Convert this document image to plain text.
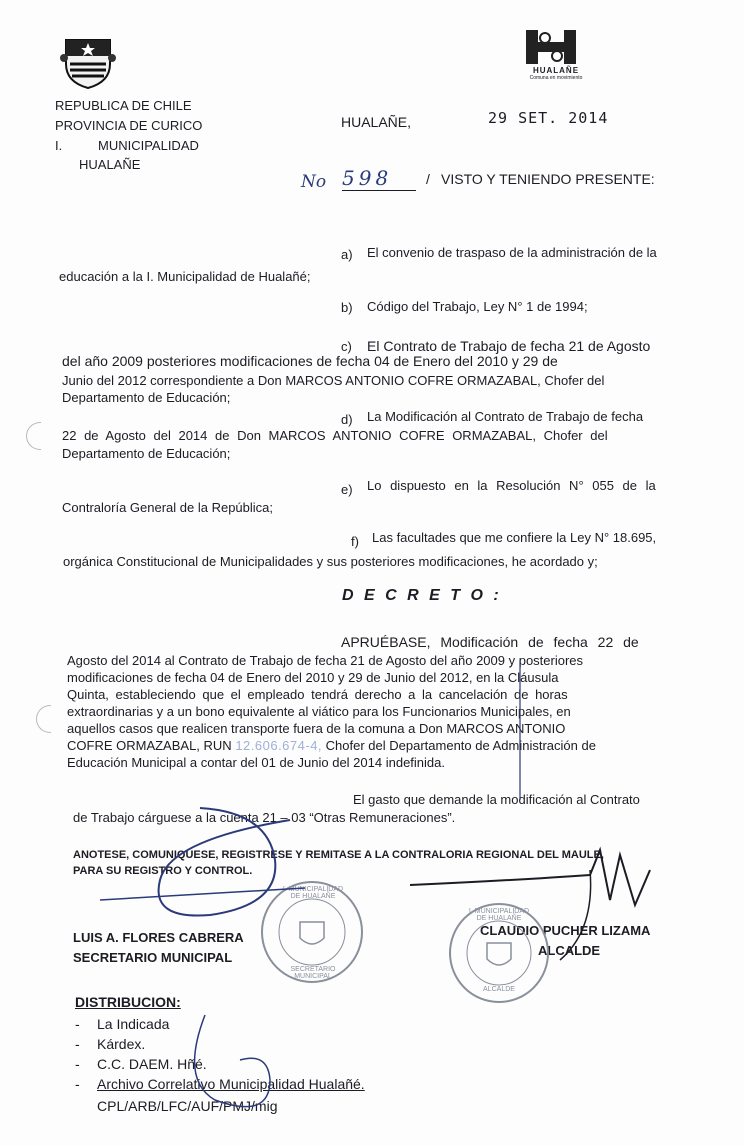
HUALAÑE
Comuna en movimiento
REPUBLICA DE CHILE
PROVINCIA DE CURICO
I.	MUNICIPALIDAD
HUALAÑE
HUALAÑE,	29 SET. 2014
No 598	/ VISTO Y TENIENDO PRESENTE:
a) El convenio de traspaso de la administración de la
educación a la I. Municipalidad de Hualañé;
b) Código del Trabajo, Ley N° 1 de 1994;
c) El Contrato de Trabajo de fecha 21 de Agosto
del año 2009 posteriores modificaciones de fecha 04 de Enero del 2010 y 29 de
Junio del 2012 correspondiente a Don MARCOS ANTONIO COFRE ORMAZABAL, Chofer del
Departamento de Educación;
d) La Modificación al Contrato de Trabajo de fecha
22 de Agosto del 2014 de Don MARCOS ANTONIO COFRE ORMAZABAL, Chofer del
Departamento de Educación;
e) Lo dispuesto en la Resolución N° 055 de la
Contraloría General de la República;
f) Las facultades que me confiere la Ley N° 18.695,
orgánica Constitucional de Municipalidades y sus posteriores modificaciones, he acordado y;
D E C R E T O :
APRUÉBASE, Modificación de fecha 22 de
Agosto del 2014 al Contrato de Trabajo de fecha 21 de Agosto del año 2009 y posteriores
modificaciones de fecha 04 de Enero del 2010 y 29 de Junio del 2012, en la Cláusula
Quinta, estableciendo que el empleado tendrá derecho a la cancelación de horas
extraordinarias y a un bono equivalente al viático para los Funcionarios Municipales, en
aquellos casos que realicen transporte fuera de la comuna a Don MARCOS ANTONIO
COFRE ORMAZABAL, RUN 12.606.674-4, Chofer del Departamento de Administración de
Educación Municipal a contar del 01 de Junio del 2014 indefinida.
El gasto que demande la modificación al Contrato
de Trabajo cárguese a la cuenta 21 – 03 “Otras Remuneraciones”.
ANOTESE, COMUNIQUESE, REGISTRESE Y REMITASE A LA CONTRALORIA REGIONAL DEL MAULE,
PARA SU REGISTRO Y CONTROL.
LUIS A. FLORES CABRERA
SECRETARIO MUNICIPAL
CLAUDIO PUCHER LIZAMA
ALCALDE
I. MUNICIPALIDAD DE HUALAÑE
SECRETARIO MUNICIPAL
I. MUNICIPALIDAD DE HUALAÑE
ALCALDE
DISTRIBUCION:
- La Indicada
- Kárdex.
- C.C. DAEM. Hñé.
- Archivo Correlativo Municipalidad Hualañé.
CPL/ARB/LFC/AUF/PMJ/mig
